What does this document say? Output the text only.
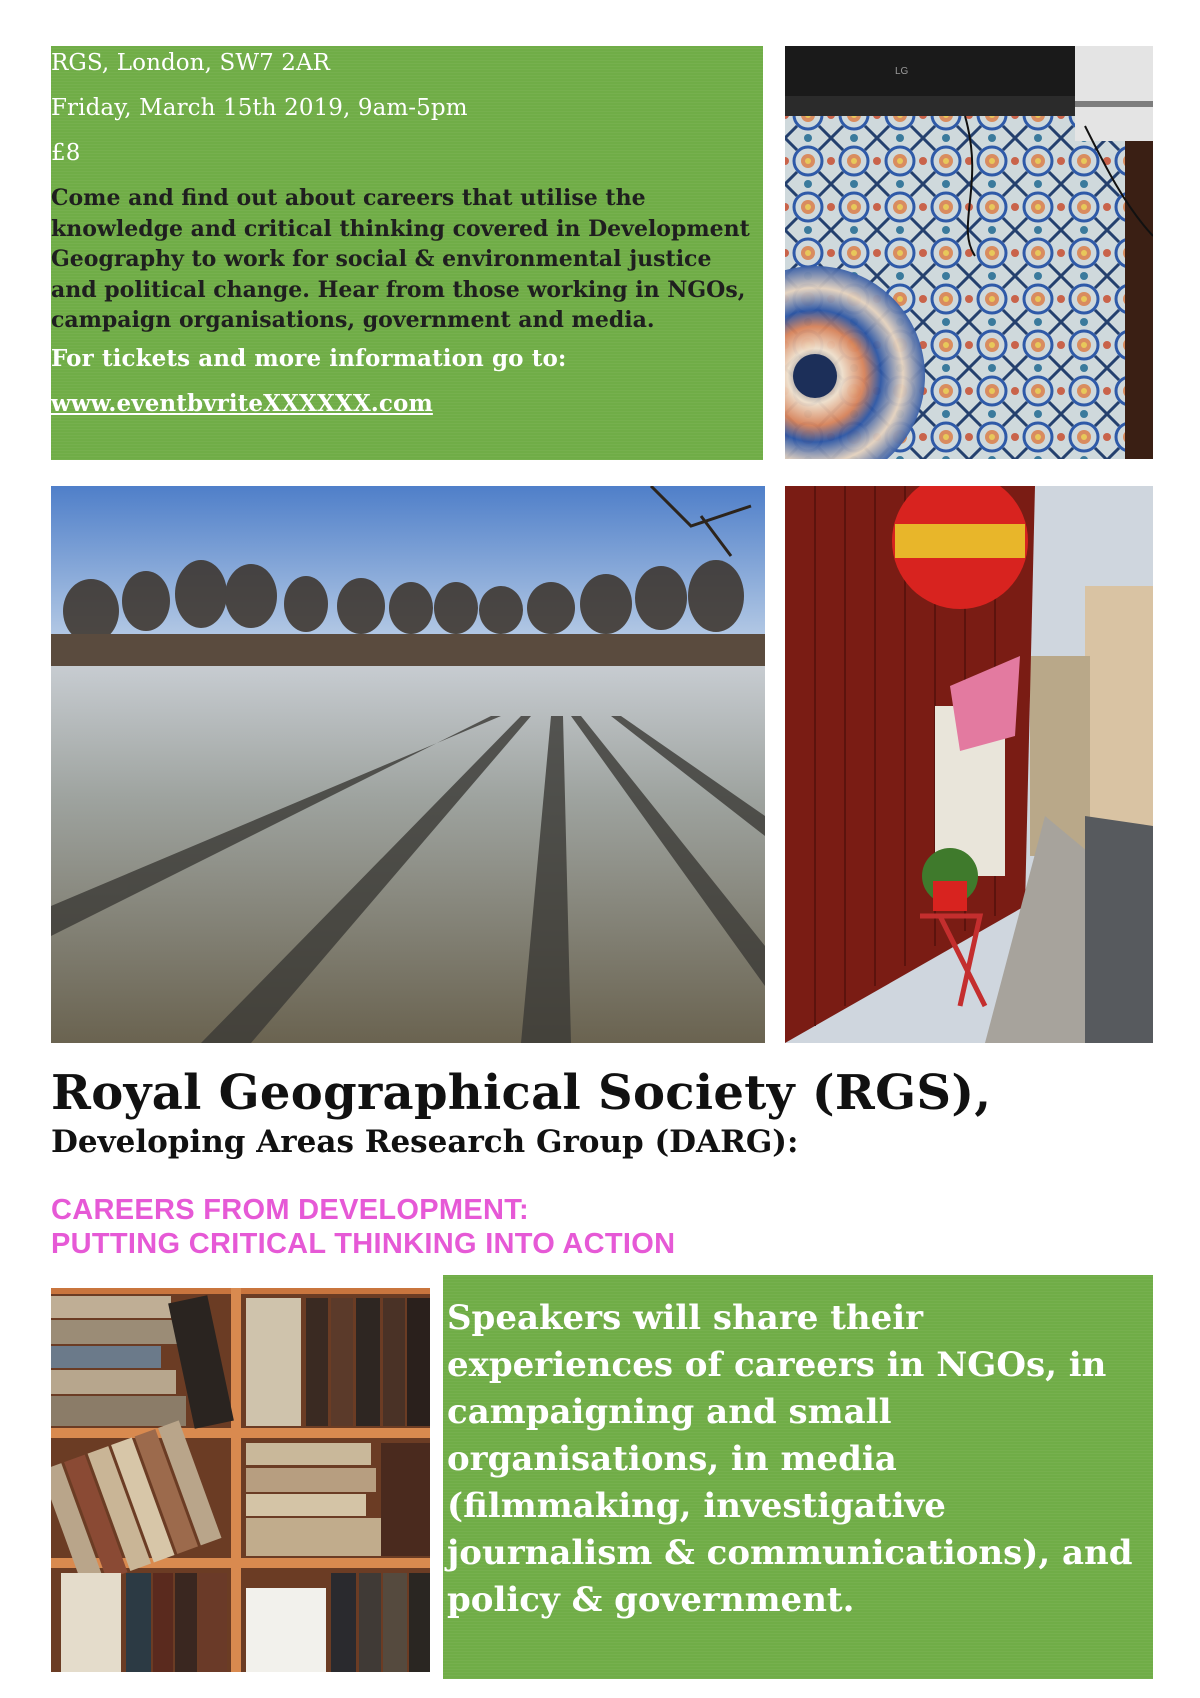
RGS, London, SW7 2AR
Friday, March 15th 2019, 9am-5pm
£8
Come and find out about careers that utilise the knowledge and critical thinking covered in Development Geography to work for social & environmental justice and political change. Hear from those working in NGOs, campaign organisations, government and media.
For tickets and more information go to:
www.eventbvriteXXXXXX.com
LG
Royal Geographical Society (RGS),
Developing Areas Research Group (DARG):
CAREERS FROM DEVELOPMENT:
PUTTING CRITICAL THINKING INTO ACTION
Speakers will share their experiences of careers in NGOs, in campaigning and small organisations, in media (filmmaking, investigative journalism & communications), and policy & government.
